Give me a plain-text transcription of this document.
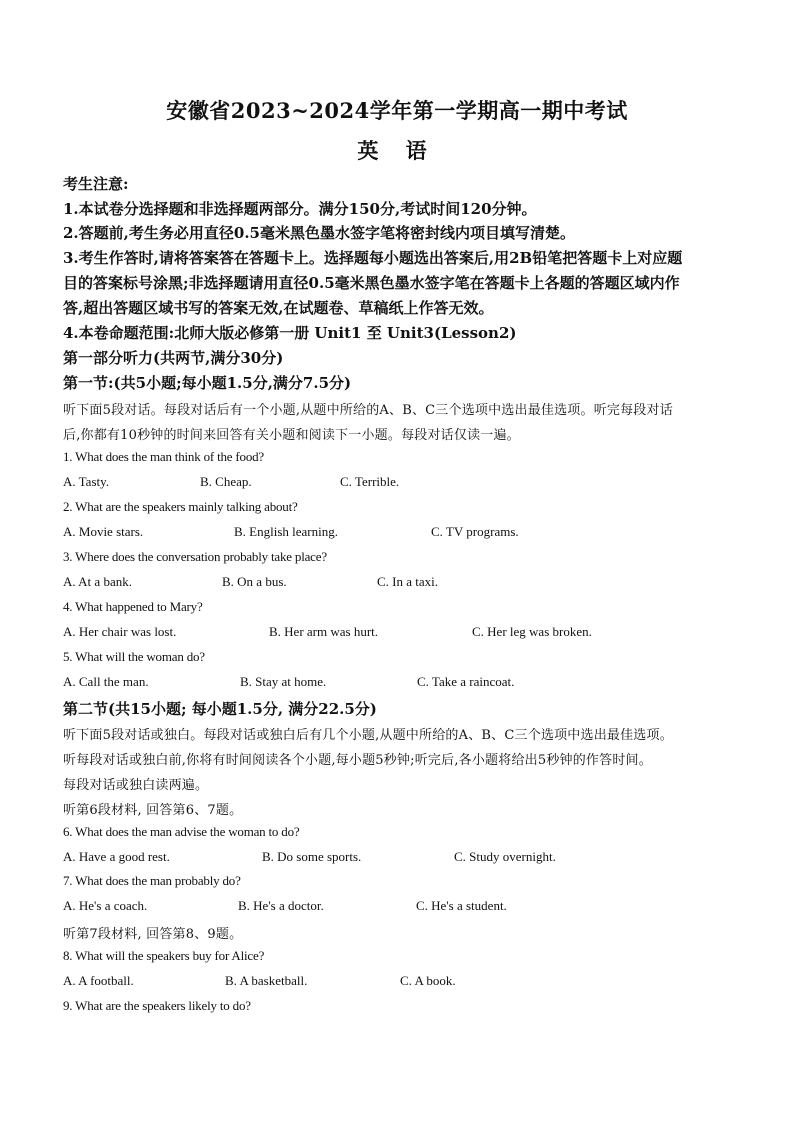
安徽省2023~2024学年第一学期高一期中考试
英 语
考生注意:
1.本试卷分选择题和非选择题两部分。满分150分,考试时间120分钟。
2.答题前,考生务必用直径0.5毫米黑色墨水签字笔将密封线内项目填写清楚。
3.考生作答时,请将答案答在答题卡上。选择题每小题选出答案后,用2B铅笔把答题卡上对应题
目的答案标号涂黑;非选择题请用直径0.5毫米黑色墨水签字笔在答题卡上各题的答题区域内作
答,超出答题区域书写的答案无效,在试题卷、草稿纸上作答无效。
4.本卷命题范围:北师大版必修第一册 Unit1 至 Unit3(Lesson2)
第一部分听力(共两节,满分30分)
第一节:(共5小题;每小题1.5分,满分7.5分)
听下面5段对话。每段对话后有一个小题,从题中所给的A、B、C三个选项中选出最佳选项。听完每段对话
后,你都有10秒钟的时间来回答有关小题和阅读下一小题。每段对话仅读一遍。
1. What does the man think of the food?
A. Tasty.	B. Cheap.	C. Terrible.
2. What are the speakers mainly talking about?
A. Movie stars.	B. English learning.	C. TV programs.
3. Where does the conversation probably take place?
A. At a bank.	B. On a bus.	C. In a taxi.
4. What happened to Mary?
A. Her chair was lost.	B. Her arm was hurt.	C. Her leg was broken.
5. What will the woman do?
A. Call the man.	B. Stay at home.	C. Take a raincoat.
第二节(共15小题; 每小题1.5分, 满分22.5分)
听下面5段对话或独白。每段对话或独白后有几个小题,从题中所给的A、B、C三个选项中选出最佳选项。
听每段对话或独白前,你将有时间阅读各个小题,每小题5秒钟;听完后,各小题将给出5秒钟的作答时间。
每段对话或独白读两遍。
听第6段材料, 回答第6、7题。
6. What does the man advise the woman to do?
A. Have a good rest.	B. Do some sports.	C. Study overnight.
7. What does the man probably do?
A. He's a coach.	B. He's a doctor.	C. He's a student.
听第7段材料, 回答第8、9题。
8. What will the speakers buy for Alice?
A. A football.	B. A basketball.	C. A book.
9. What are the speakers likely to do?
